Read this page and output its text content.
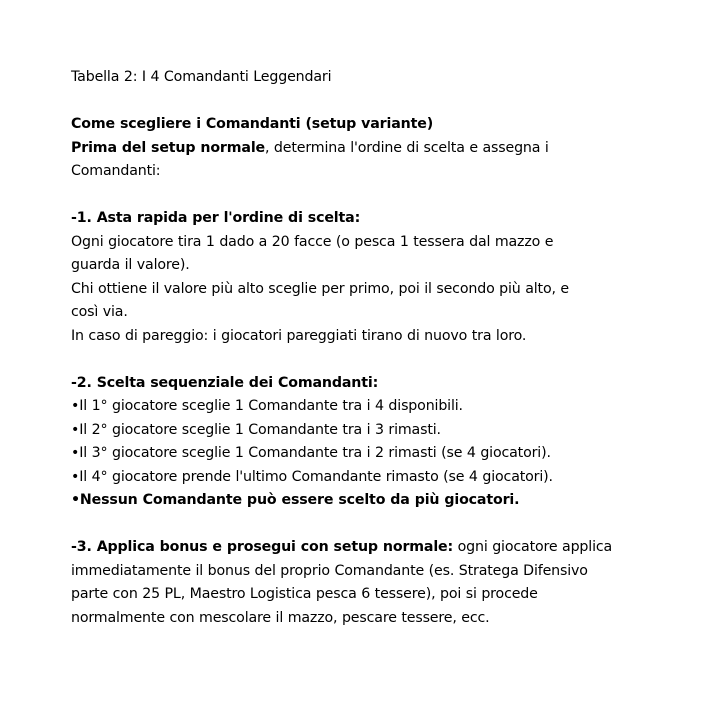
Tabella 2: I 4 Comandanti Leggendari
Come scegliere i Comandanti (setup variante)
Prima del setup normale, determina l'ordine di scelta e assegna i
Comandanti:
-1. Asta rapida per l'ordine di scelta:
Ogni giocatore tira 1 dado a 20 facce (o pesca 1 tessera dal mazzo e
guarda il valore).
Chi ottiene il valore più alto sceglie per primo, poi il secondo più alto, e
così via.
In caso di pareggio: i giocatori pareggiati tirano di nuovo tra loro.
-2. Scelta sequenziale dei Comandanti:
•Il 1° giocatore sceglie 1 Comandante tra i 4 disponibili.
•Il 2° giocatore sceglie 1 Comandante tra i 3 rimasti.
•Il 3° giocatore sceglie 1 Comandante tra i 2 rimasti (se 4 giocatori).
•Il 4° giocatore prende l'ultimo Comandante rimasto (se 4 giocatori).
•Nessun Comandante può essere scelto da più giocatori.
-3. Applica bonus e prosegui con setup normale: ogni giocatore applica
immediatamente il bonus del proprio Comandante (es. Stratega Difensivo
parte con 25 PL, Maestro Logistica pesca 6 tessere), poi si procede
normalmente con mescolare il mazzo, pescare tessere, ecc.
